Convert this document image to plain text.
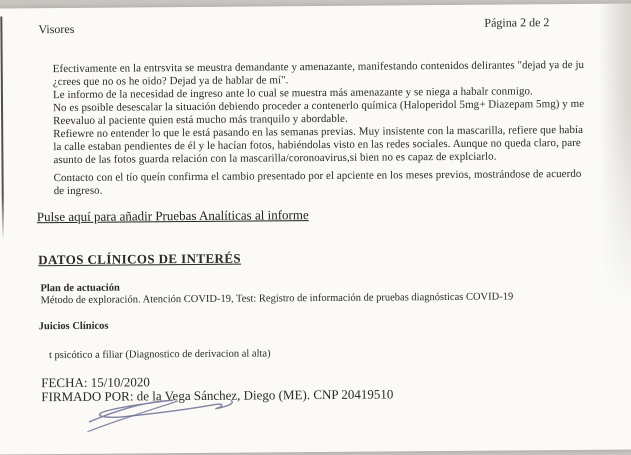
Visores	Página 2 de 2
Efectivamente en la entrsvita se meustra demandante y amenazante, manifestando contenidos delirantes "dejad ya de ju
¿crees que no os he oido? Dejad ya de hablar de mí".
Le informo de la necesidad de ingreso ante lo cual se muestra más amenazante y se niega a habalr conmigo.
No es psoible desescalar la situación debiendo proceder a contenerlo química (Haloperidol 5mg+ Diazepam 5mg) y me
Reevaluo al paciente quien está mucho más tranquilo y abordable.
Refiewre no entender lo que le está pasando en las semanas previas. Muy insistente con la mascarilla, refiere que había
la calle estaban pendientes de él y le hacían fotos, habiéndolas visto en las redes sociales. Aunque no queda claro, pare
asunto de las fotos guarda relación con la mascarilla/coronoavirus,si bien no es capaz de explciarlo.
Contacto con el tío queín confirma el cambio presentado por el apciente en los meses previos, mostrándose de acuerdo
de ingreso.
Pulse aquí para añadir Pruebas Analíticas al informe
DATOS CLÍNICOS DE INTERÉS
Plan de actuación
Método de exploración. Atención COVID-19, Test: Registro de información de pruebas diagnósticas COVID-19
Juicios Clínicos
t psicótico a filiar (Diagnostico de derivacion al alta)
FECHA: 15/10/2020
FIRMADO POR: de la Vega Sánchez, Diego (ME). CNP 20419510
